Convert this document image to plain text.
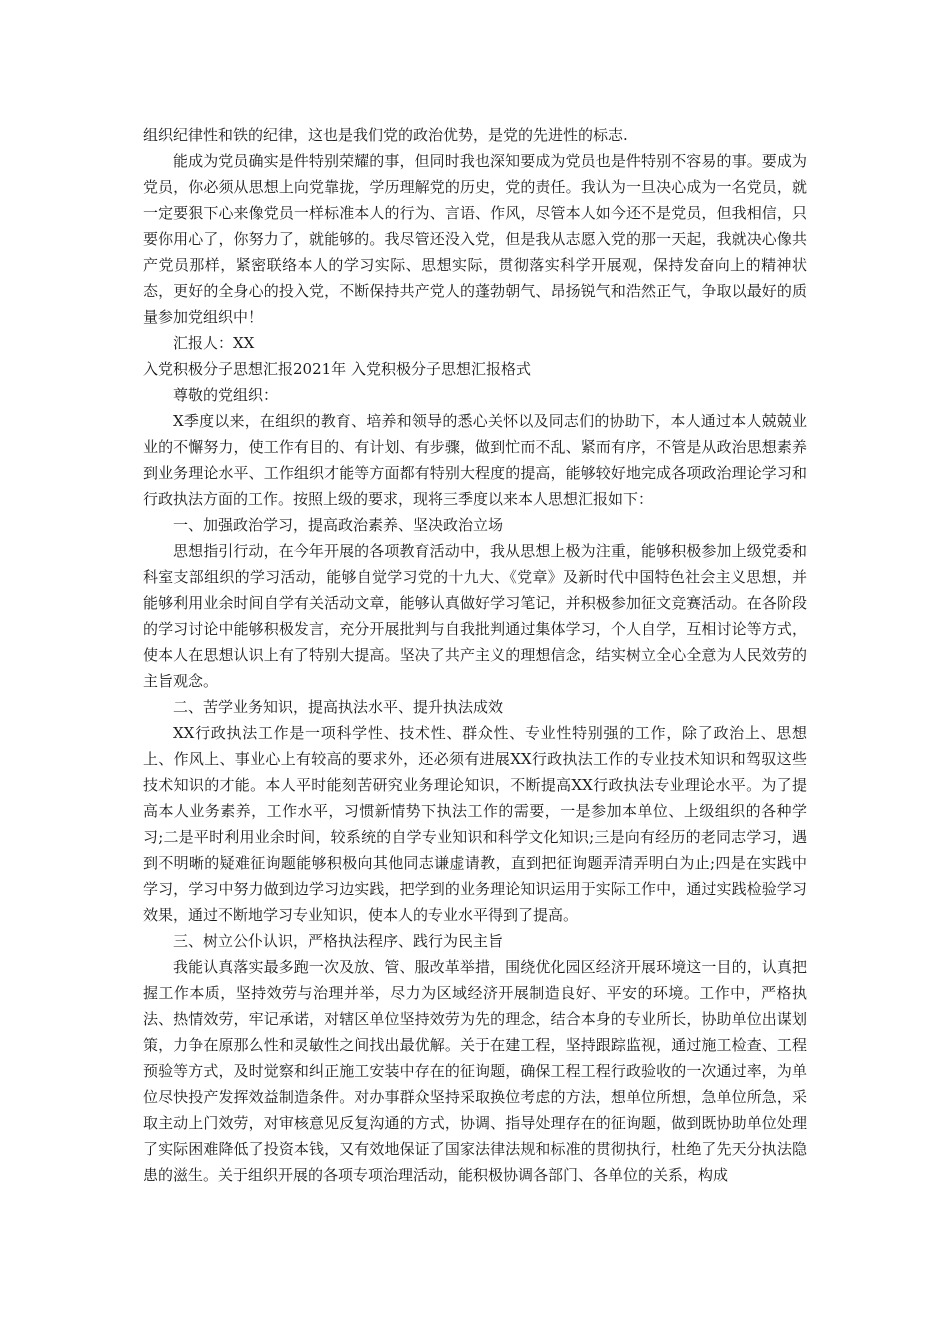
组织纪律性和铁的纪律，这也是我们党的政治优势，是党的先进性的标志.

能成为党员确实是件特别荣耀的事，但同时我也深知要成为党员也是件特别不容易的事。要成为党员，你必须从思想上向党靠拢，学历理解党的历史，党的责任。我认为一旦决心成为一名党员，就一定要狠下心来像党员一样标准本人的行为、言语、作风，尽管本人如今还不是党员，但我相信，只要你用心了，你努力了，就能够的。我尽管还没入党，但是我从志愿入党的那一天起，我就决心像共产党员那样，紧密联络本人的学习实际、思想实际，贯彻落实科学开展观，保持发奋向上的精神状态，更好的全身心的投入党，不断保持共产党人的蓬勃朝气、昂扬锐气和浩然正气，争取以最好的质量参加党组织中！

汇报人：XX

入党积极分子思想汇报2021年 入党积极分子思想汇报格式

尊敬的党组织：

X季度以来，在组织的教育、培养和领导的悉心关怀以及同志们的协助下，本人通过本人兢兢业业的不懈努力，使工作有目的、有计划、有步骤，做到忙而不乱、紧而有序，不管是从政治思想素养到业务理论水平、工作组织才能等方面都有特别大程度的提高，能够较好地完成各项政治理论学习和行政执法方面的工作。按照上级的要求，现将三季度以来本人思想汇报如下：

一、加强政治学习，提高政治素养、坚决政治立场

思想指引行动，在今年开展的各项教育活动中，我从思想上极为注重，能够积极参加上级党委和科室支部组织的学习活动，能够自觉学习党的十九大、《党章》及新时代中国特色社会主义思想，并能够利用业余时间自学有关活动文章，能够认真做好学习笔记，并积极参加征文竞赛活动。在各阶段的学习讨论中能够积极发言，充分开展批判与自我批判通过集体学习，个人自学，互相讨论等方式，使本人在思想认识上有了特别大提高。坚决了共产主义的理想信念，结实树立全心全意为人民效劳的主旨观念。

二、苦学业务知识，提高执法水平、提升执法成效

XX行政执法工作是一项科学性、技术性、群众性、专业性特别强的工作，除了政治上、思想上、作风上、事业心上有较高的要求外，还必须有进展XX行政执法工作的专业技术知识和驾驭这些技术知识的才能。本人平时能刻苦研究业务理论知识，不断提高XX行政执法专业理论水平。为了提高本人业务素养，工作水平，习惯新情势下执法工作的需要，一是参加本单位、上级组织的各种学习;二是平时利用业余时间，较系统的自学专业知识和科学文化知识;三是向有经历的老同志学习，遇到不明晰的疑难征询题能够积极向其他同志谦虚请教，直到把征询题弄清弄明白为止;四是在实践中学习，学习中努力做到边学习边实践，把学到的业务理论知识运用于实际工作中，通过实践检验学习效果，通过不断地学习专业知识，使本人的专业水平得到了提高。

三、树立公仆认识，严格执法程序、践行为民主旨

我能认真落实最多跑一次及放、管、服改革举措，围绕优化园区经济开展环境这一目的，认真把握工作本质，坚持效劳与治理并举，尽力为区域经济开展制造良好、平安的环境。工作中，严格执法、热情效劳，牢记承诺，对辖区单位坚持效劳为先的理念，结合本身的专业所长，协助单位出谋划策，力争在原那么性和灵敏性之间找出最优解。关于在建工程，坚持跟踪监视，通过施工检查、工程预验等方式，及时觉察和纠正施工安装中存在的征询题，确保工程工程行政验收的一次通过率，为单位尽快投产发挥效益制造条件。对办事群众坚持采取换位考虑的方法，想单位所想，急单位所急，采取主动上门效劳，对审核意见反复沟通的方式，协调、指导处理存在的征询题，做到既协助单位处理了实际困难降低了投资本钱，又有效地保证了国家法律法规和标准的贯彻执行，杜绝了先天分执法隐患的滋生。关于组织开展的各项专项治理活动，能积极协调各部门、各单位的关系，构成
